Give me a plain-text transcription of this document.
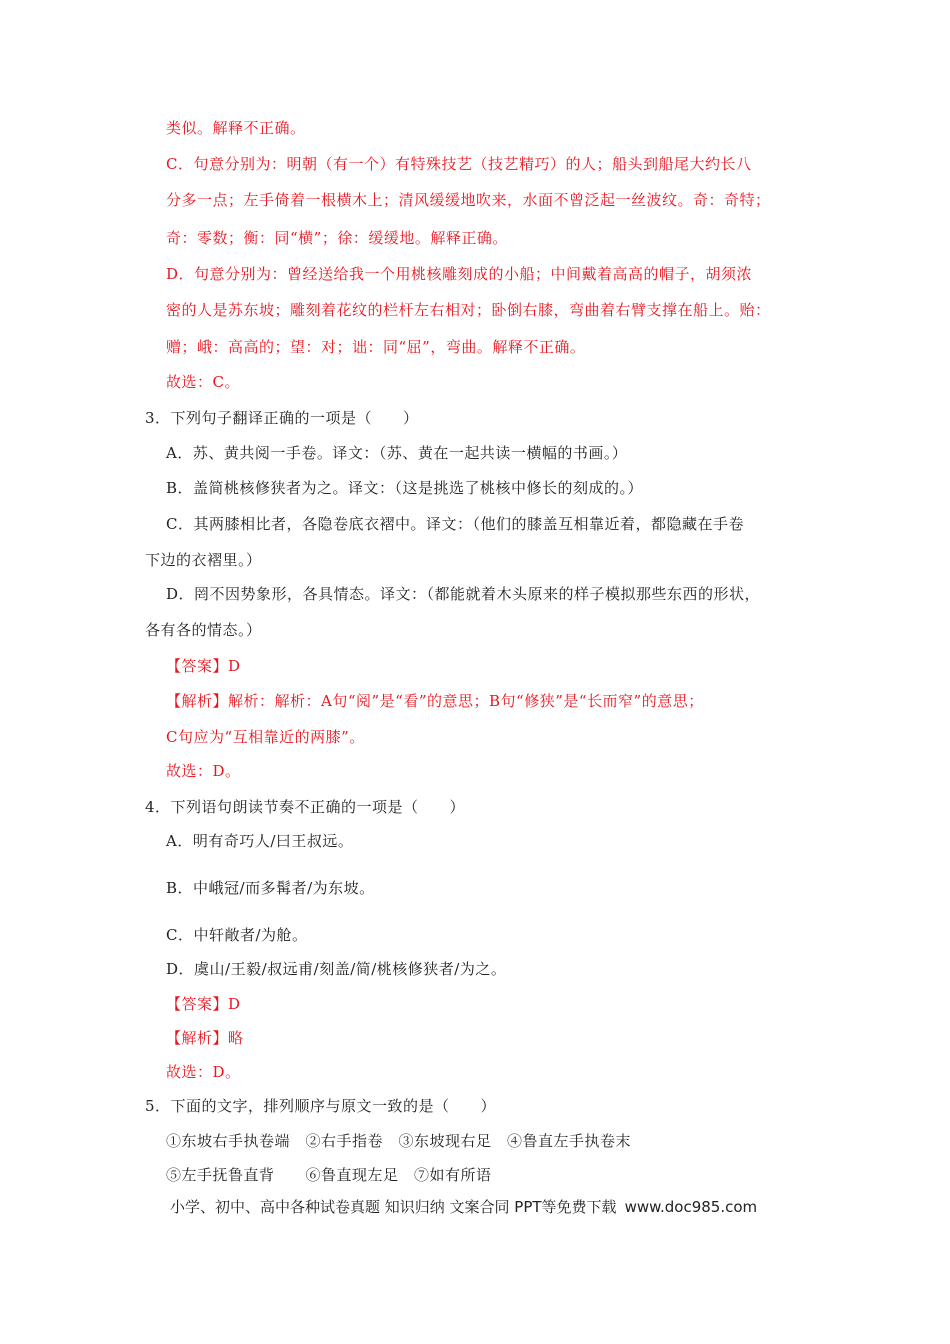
类似。解释不正确。
C．句意分别为：明朝（有一个）有特殊技艺（技艺精巧）的人；船头到船尾大约长八
分多一点；左手倚着一根横木上；清风缓缓地吹来，水面不曾泛起一丝波纹。奇：奇特；
奇：零数；衡：同“横”；徐：缓缓地。解释正确。
D．句意分别为：曾经送给我一个用桃核雕刻成的小船；中间戴着高高的帽子，胡须浓
密的人是苏东坡；雕刻着花纹的栏杆左右相对；卧倒右膝，弯曲着右臂支撑在船上。贻：
赠；峨：高高的；望：对；诎：同“屈”，弯曲。解释不正确。
故选：C。
3．下列句子翻译正确的一项是（　　）
A．苏、黄共阅一手卷。译文：（苏、黄在一起共读一横幅的书画。）
B．盖简桃核修狭者为之。译文：（这是挑选了桃核中修长的刻成的。）
C．其两膝相比者，各隐卷底衣褶中。译文：（他们的膝盖互相靠近着，都隐藏在手卷
下边的衣褶里。）
D．罔不因势象形，各具情态。译文：（都能就着木头原来的样子模拟那些东西的形状，
各有各的情态。）
【答案】D
【解析】解析：解析：A句“阅”是“看”的意思；B句“修狭”是“长而窄”的意思；
C句应为“互相靠近的两膝”。
故选：D。
4．下列语句朗读节奏不正确的一项是（　　）
A．明有奇巧人/曰王叔远。
B．中峨冠/而多髯者/为东坡。
C．中轩敞者/为舱。
D．虞山/王毅/叔远甫/刻盖/简/桃核修狭者/为之。
【答案】D
【解析】略
故选：D。
5．下面的文字，排列顺序与原文一致的是（　　）
①东坡右手执卷端　②右手指卷　③东坡现右足　④鲁直左手执卷末
⑤左手抚鲁直背　　⑥鲁直现左足　⑦如有所语
小学、初中、高中各种试卷真题 知识归纳 文案合同 PPT等免费下载 www.doc985.com
